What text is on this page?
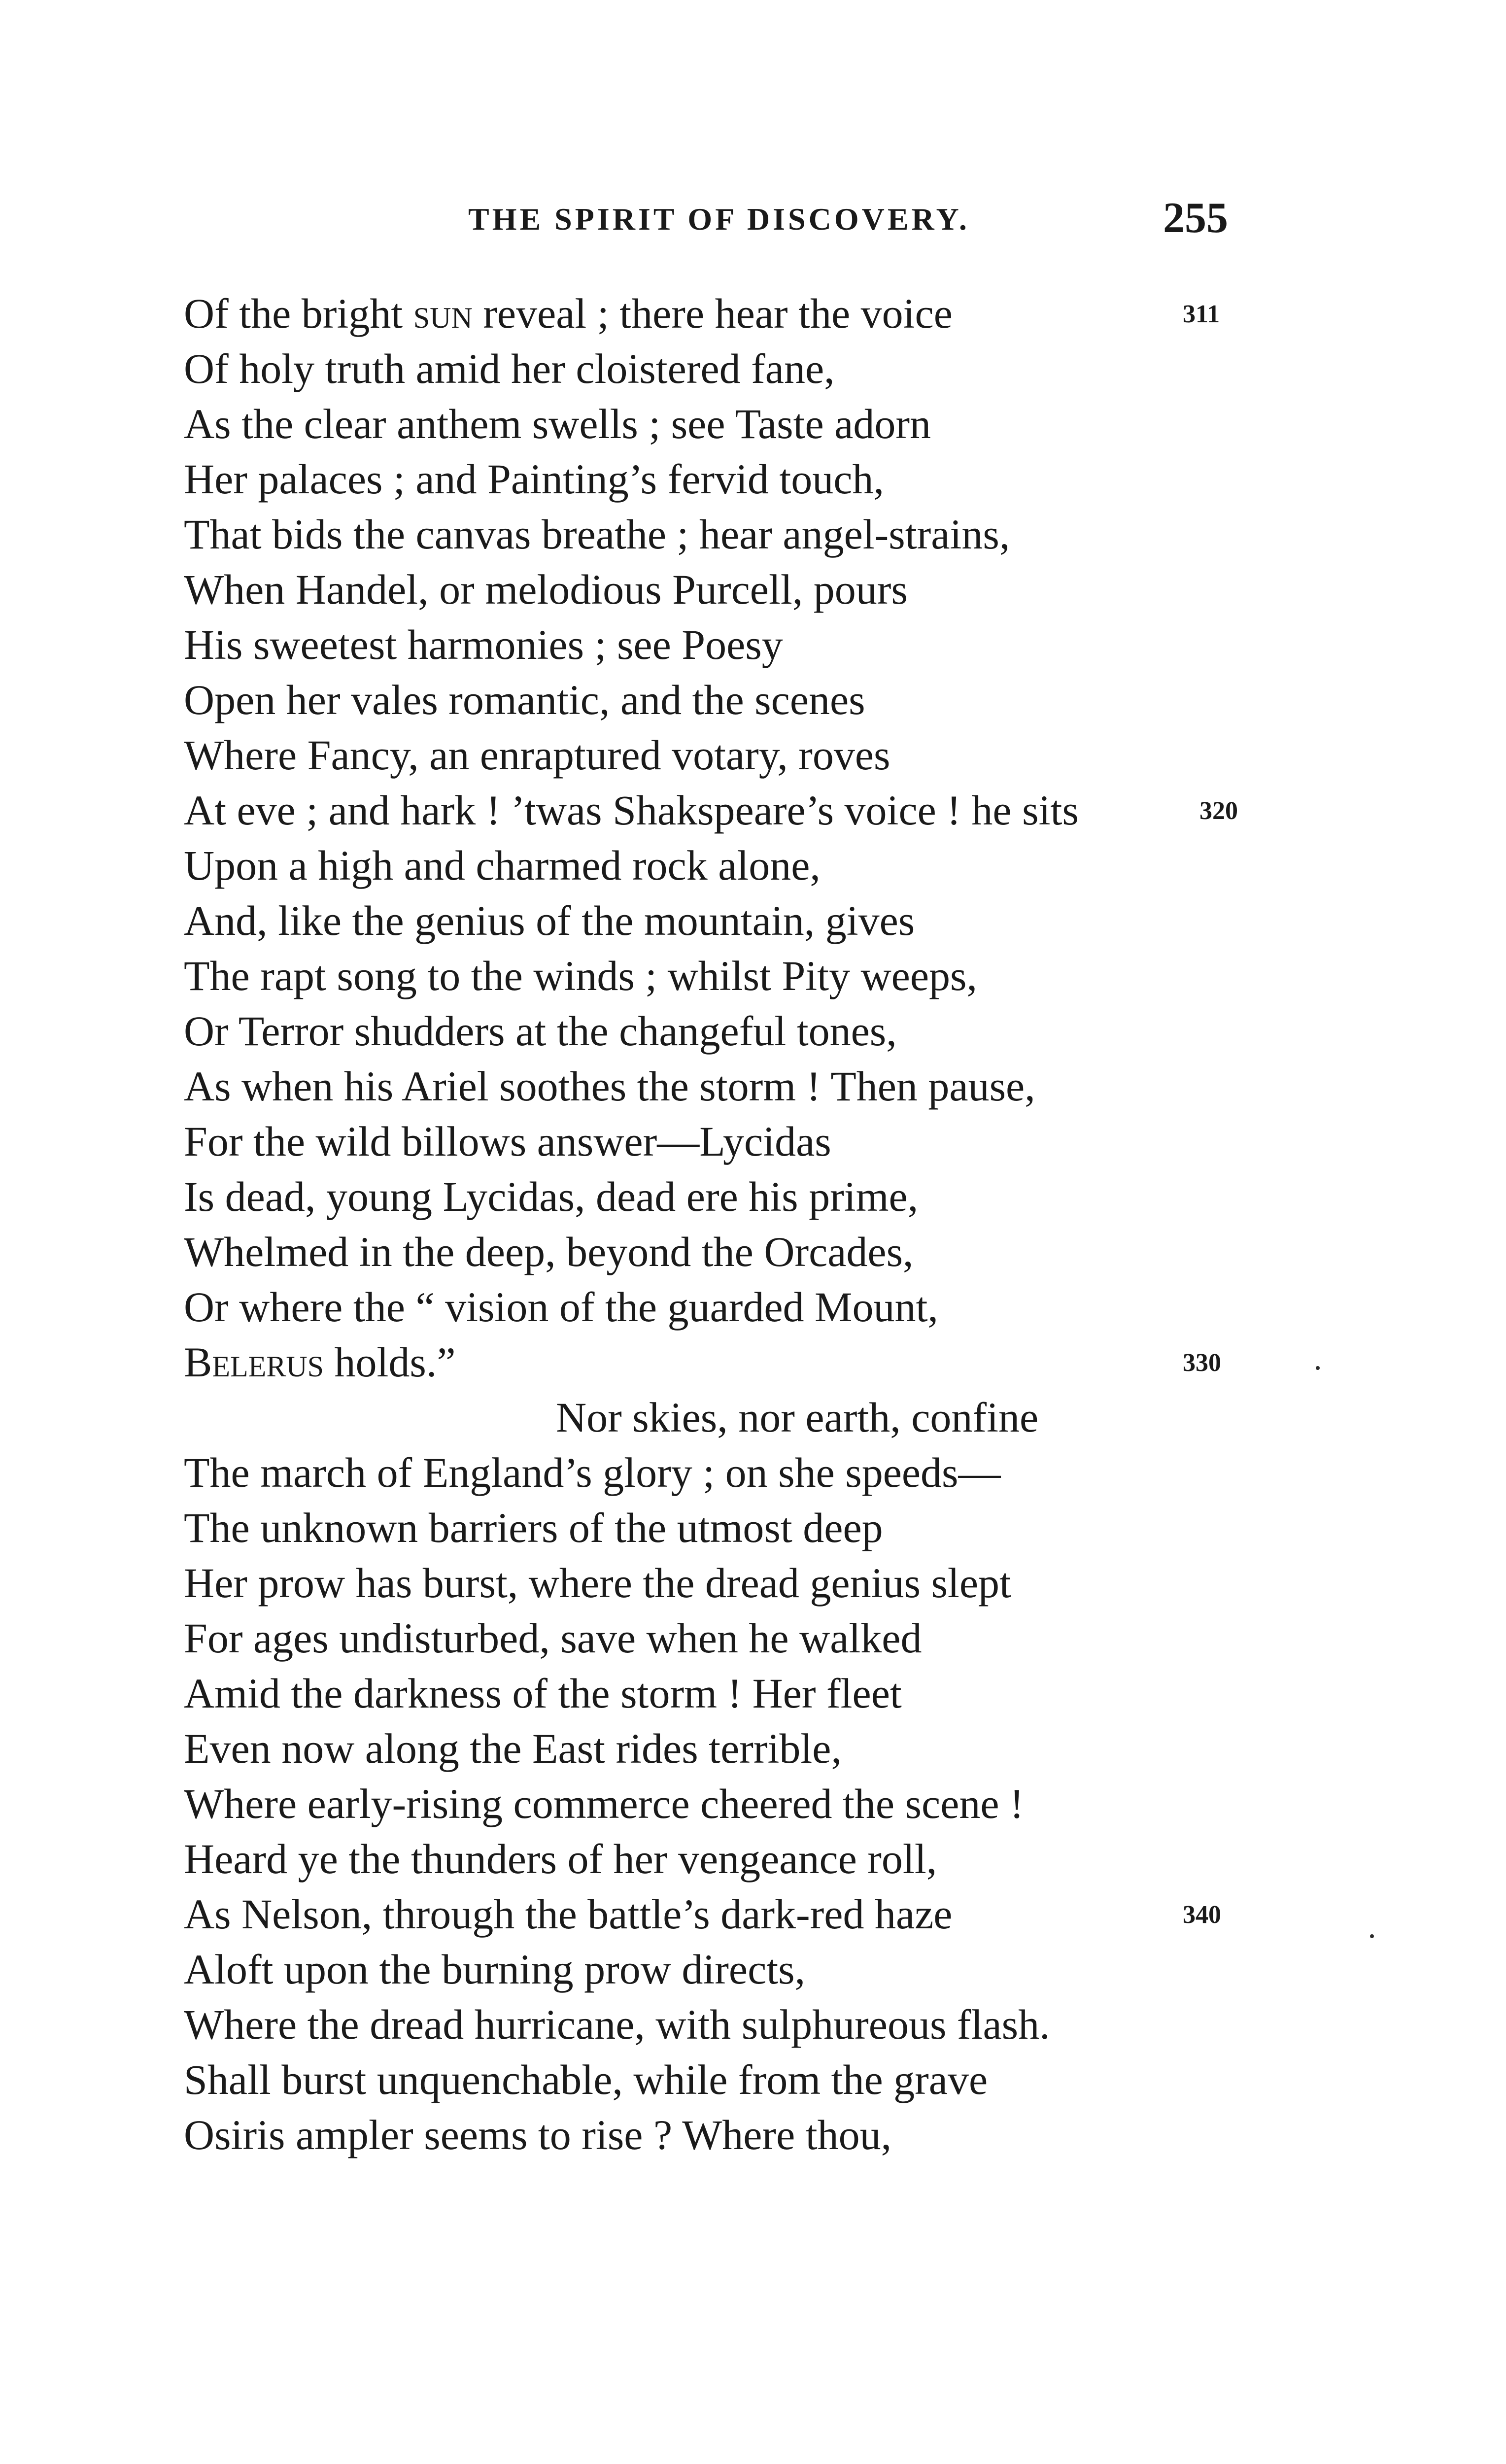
THE SPIRIT OF DISCOVERY.	255
Of the bright sun reveal ; there hear the voice
Of holy truth amid her cloistered fane,
As the clear anthem swells ; see Taste adorn
Her palaces ; and Painting’s fervid touch,
That bids the canvas breathe ; hear angel-strains,
When Handel, or melodious Purcell, pours
His sweetest harmonies ; see Poesy
Open her vales romantic, and the scenes
Where Fancy, an enraptured votary, roves
At eve ; and hark ! ’twas Shakspeare’s voice ! he sits
Upon a high and charmed rock alone,
And, like the genius of the mountain, gives
The rapt song to the winds ; whilst Pity weeps,
Or Terror shudders at the changeful tones,
As when his Ariel soothes the storm ! Then pause,
For the wild billows answer—Lycidas
Is dead, young Lycidas, dead ere his prime,
Whelmed in the deep, beyond the Orcades,
Or where the “ vision of the guarded Mount,
Belerus holds.”
Nor skies, nor earth, confine
The march of England’s glory ; on she speeds—
The unknown barriers of the utmost deep
Her prow has burst, where the dread genius slept
For ages undisturbed, save when he walked
Amid the darkness of the storm ! Her fleet
Even now along the East rides terrible,
Where early-rising commerce cheered the scene !
Heard ye the thunders of her vengeance roll,
As Nelson, through the battle’s dark-red haze
Aloft upon the burning prow directs,
Where the dread hurricane, with sulphureous flash.
Shall burst unquenchable, while from the grave
Osiris ampler seems to rise ? Where thou,
311
320
330
340
